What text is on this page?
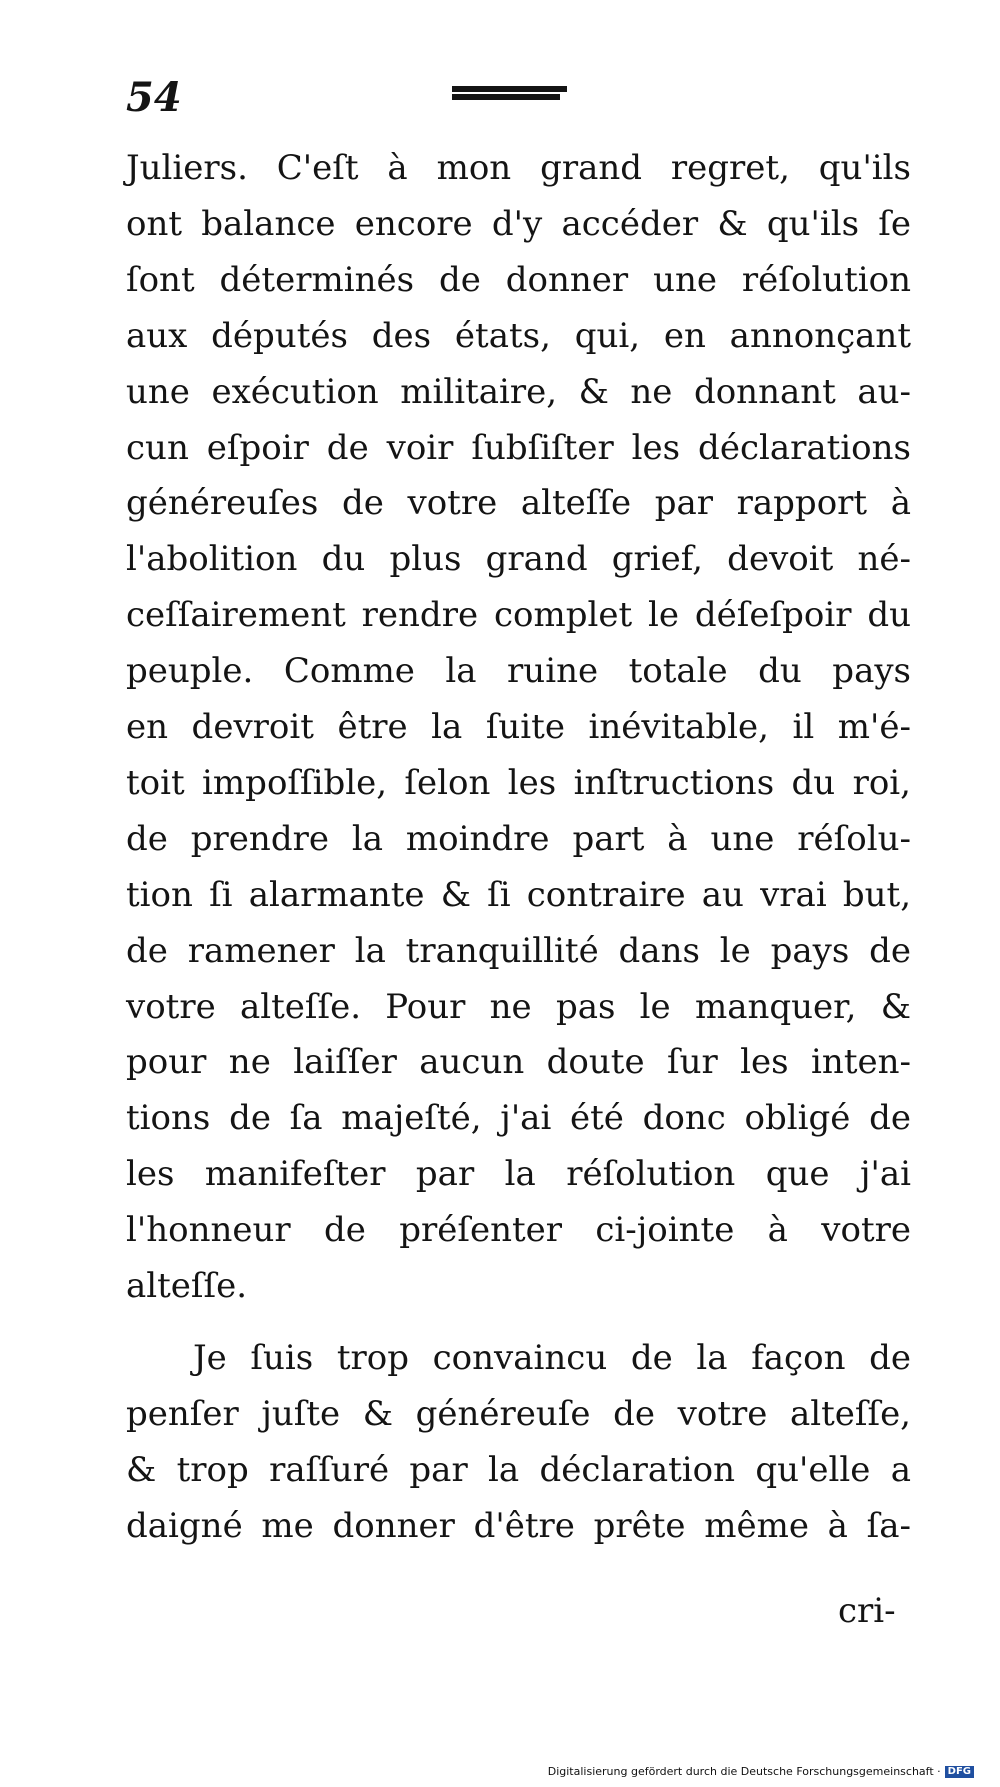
54
Juliers. C'eſt à mon grand regret, qu'ils
ont balance encore d'y accéder & qu'ils ſe
ſont déterminés de donner une réſolution
aux députés des états, qui, en annonçant
une exécution militaire, & ne donnant au-
cun eſpoir de voir ſubſiſter les déclarations
généreuſes de votre alteſſe par rapport à
l'abolition du plus grand grief, devoit né-
ceſſairement rendre complet le déſeſpoir du
peuple. Comme la ruine totale du pays
en devroit être la ſuite inévitable, il m'é-
toit impoſſible, ſelon les inſtructions du roi,
de prendre la moindre part à une réſolu-
tion ſi alarmante & ſi contraire au vrai but,
de ramener la tranquillité dans le pays de
votre alteſſe. Pour ne pas le manquer, &
pour ne laiſſer aucun doute ſur les inten-
tions de ſa majeſté, j'ai été donc obligé de
les manifeſter par la réſolution que j'ai
l'honneur de préſenter ci-jointe à votre
alteſſe.
Je ſuis trop convaincu de la façon de
penſer juſte & généreuſe de votre alteſſe,
& trop raſſuré par la déclaration qu'elle a
daigné me donner d'être prête même à ſa-
cri-
Digitalisierung gefördert durch die Deutsche Forschungsgemeinschaft · DFG
